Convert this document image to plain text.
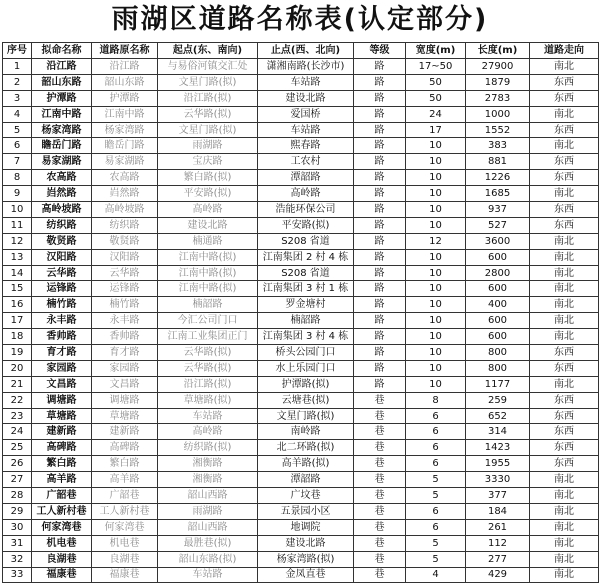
雨湖区道路名称表(认定部分)
序号	拟命名称	道路原名称	起点(东、南向)	止点(西、北向)	等级	宽度(m)	长度(m)	道路走向
1	沿江路	沿江路	与易俗河镇交汇处	潇湘南路(长沙市)	路	17~50	27900	南北
2	韶山东路	韶山东路	文星门路(拟)	车站路	路	50	1879	东西
3	护潭路	护潭路	沿江路(拟)	建设北路	路	50	2783	东西
4	江南中路	江南中路	云华路(拟)	爱国桥	路	24	1000	南北
5	杨家湾路	杨家湾路	文星门路(拟)	车站路	路	17	1552	东西
6	瞻岳门路	瞻岳门路	雨湖路	熙春路	路	10	383	南北
7	易家湖路	易家湖路	宝庆路	工农村	路	10	881	东西
8	农高路	农高路	繁白路(拟)	潭韶路	路	10	1226	东西
9	岿然路	岿然路	平安路(拟)	高岭路	路	10	1685	南北
10	高岭坡路	高岭坡路	高岭路	浩能环保公司	路	10	937	东西
11	纺织路	纺织路	建设北路	平安路(拟)	路	10	527	东西
12	敬贤路	敬贤路	楠通路	S208 省道	路	12	3600	南北
13	汉阳路	汉阳路	江南中路(拟)	江南集团 2 村 4 栋	路	10	600	南北
14	云华路	云华路	江南中路(拟)	S208 省道	路	10	2800	南北
15	运锋路	运锋路	江南中路(拟)	江南集团 3 村 1 栋	路	10	600	南北
16	楠竹路	楠竹路	楠韶路	罗金塘村	路	10	400	南北
17	永丰路	永丰路	今汇公司门口	楠韶路	路	10	600	南北
18	香帅路	香帅路	江南工业集团正门	江南集团 3 村 4 栋	路	10	600	南北
19	育才路	育才路	云华路(拟)	桥头公园门口	路	10	800	东西
20	家园路	家园路	云华路(拟)	水上乐园门口	路	10	800	东西
21	文昌路	文昌路	沿江路(拟)	护潭路(拟)	路	10	1177	南北
22	调塘路	调塘路	草塘路(拟)	云塘巷(拟)	巷	8	259	东西
23	草塘路	草塘路	车站路	文星门路(拟)	巷	6	652	东西
24	建新路	建新路	高岭路	南岭路	巷	6	314	东西
25	高碑路	高碑路	纺织路(拟)	北二环路(拟)	巷	6	1423	东西
26	繁白路	繁白路	湘衡路	高羊路(拟)	巷	6	1955	东西
27	高羊路	高羊路	湘衡路	潭韶路	巷	5	3330	南北
28	广韶巷	广韶巷	韶山西路	广坟巷	巷	5	377	南北
29	工人新村巷	工人新村巷	雨湖路	五景园小区	巷	6	184	南北
30	何家湾巷	何家湾巷	韶山西路	地调院	巷	6	261	南北
31	机电巷	机电巷	最胜巷(拟)	建设北路	巷	5	112	南北
32	良湖巷	良湖巷	韶山东路(拟)	杨家湾路(拟)	巷	5	277	南北
33	福康巷	福康巷	车站路	金凤直巷	巷	4	429	南北
